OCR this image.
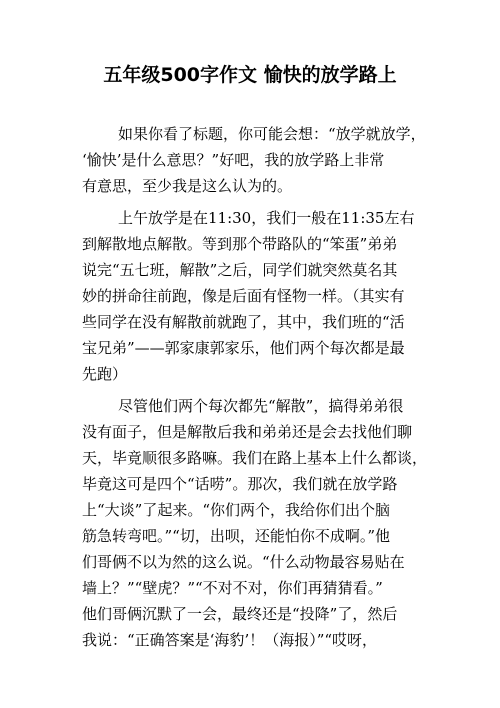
五年级500字作文 愉快的放学路上
如果你看了标题，你可能会想：“放学就放学，
‘愉快’是什么意思？”好吧，我的放学路上非常
有意思，至少我是这么认为的。
上午放学是在11:30，我们一般在11:35左右
到解散地点解散。等到那个带路队的“笨蛋”弟弟
说完“五七班，解散”之后，同学们就突然莫名其
妙的拼命往前跑，像是后面有怪物一样。（其实有
些同学在没有解散前就跑了，其中，我们班的“活
宝兄弟”——郭家康郭家乐，他们两个每次都是最
先跑）
尽管他们两个每次都先“解散”，搞得弟弟很
没有面子，但是解散后我和弟弟还是会去找他们聊
天，毕竟顺很多路嘛。我们在路上基本上什么都谈，
毕竟这可是四个“话唠”。那次，我们就在放学路
上“大谈”了起来。“你们两个，我给你们出个脑
筋急转弯吧。”“切，出呗，还能怕你不成啊。”他
们哥俩不以为然的这么说。“什么动物最容易贴在
墙上？”“壁虎？”“不对不对，你们再猜猜看。”
他们哥俩沉默了一会，最终还是“投降”了，然后
我说：“正确答案是‘海豹’！（海报）”“哎呀，
